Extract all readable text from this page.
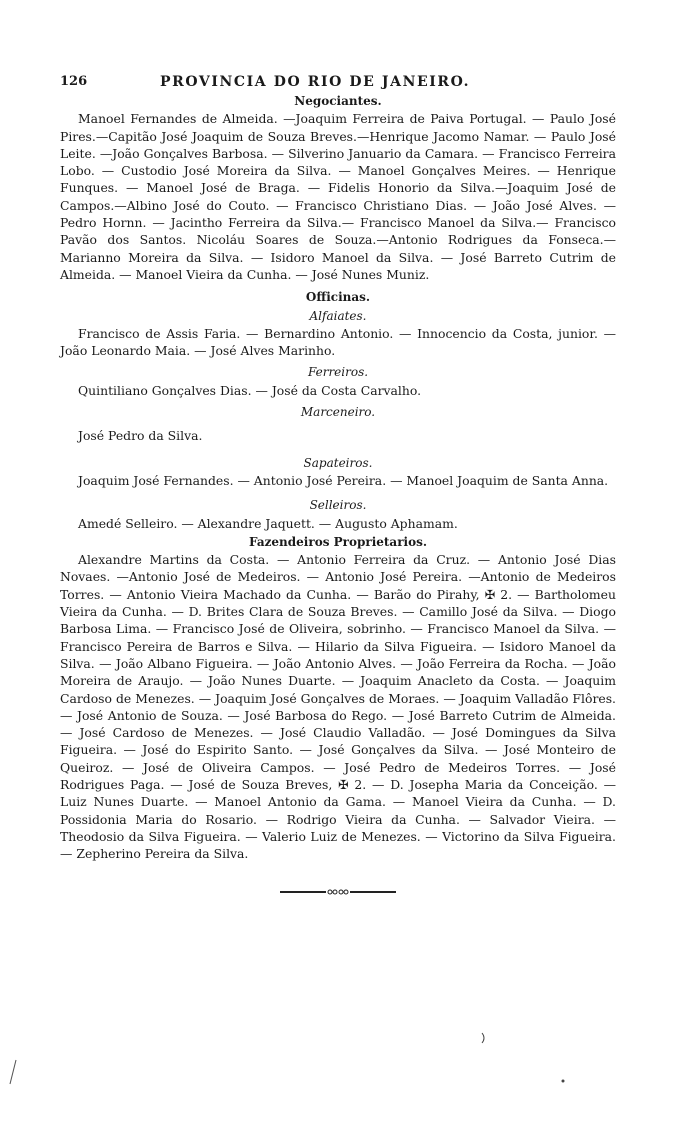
126	PROVINCIA DO RIO DE JANEIRO.
Negociantes.
Manoel Fernandes de Almeida. —Joaquim Ferreira de Paiva Portugal. — Paulo José Pires.—Capitão José Joaquim de Souza Breves.—Henrique Jacomo Namar. — Paulo José Leite. —João Gonçalves Barbosa. — Silverino Januario da Camara. — Francisco Ferreira Lobo. — Custodio José Moreira da Silva. — Manoel Gonçalves Meires. — Henrique Funques. — Manoel José de Braga. — Fidelis Honorio da Silva.—Joaquim José de Campos.—Albino José do Couto. — Francisco Christiano Dias. — João José Alves. — Pedro Hornn. — Jacintho Ferreira da Silva.— Francisco Manoel da Silva.— Francisco Pavão dos Santos. Nicoláu Soares de Souza.—Antonio Rodrigues da Fonseca.—Marianno Moreira da Silva. — Isidoro Manoel da Silva. — José Barreto Cutrim de Almeida. — Manoel Vieira da Cunha. — José Nunes Muniz.
Officinas.
Alfaiates.
Francisco de Assis Faria. — Bernardino Antonio. — Innocencio da Costa, junior. — João Leonardo Maia. — José Alves Marinho.
Ferreiros.
Quintiliano Gonçalves Dias. — José da Costa Carvalho.
Marceneiro.
José Pedro da Silva.
Sapateiros.
Joaquim José Fernandes. — Antonio José Pereira. — Manoel Joaquim de Santa Anna.
Selleiros.
Amedé Selleiro. — Alexandre Jaquett. — Augusto Aphamam.
Fazendeiros Proprietarios.
Alexandre Martins da Costa. — Antonio Ferreira da Cruz. — Antonio José Dias Novaes. —Antonio José de Medeiros. — Antonio José Pereira. —Antonio de Medeiros Torres. — Antonio Vieira Machado da Cunha. — Barão do Pirahy, ✠ 2. — Bartholomeu Vieira da Cunha. — D. Brites Clara de Souza Breves. — Camillo José da Silva. — Diogo Barbosa Lima. — Francisco José de Oliveira, sobrinho. — Francisco Manoel da Silva. — Francisco Pereira de Barros e Silva. — Hilario da Silva Figueira. — Isidoro Manoel da Silva. — João Albano Figueira. — João Antonio Alves. — João Ferreira da Rocha. — João Moreira de Araujo. — João Nunes Duarte. — Joaquim Anacleto da Costa. — Joaquim Cardoso de Menezes. — Joaquim José Gonçalves de Moraes. — Joaquim Valladão Flôres. — José Antonio de Souza. — José Barbosa do Rego. — José Barreto Cutrim de Almeida. — José Cardoso de Menezes. — José Claudio Valladão. — José Domingues da Silva Figueira. — José do Espirito Santo. — José Gonçalves da Silva. — José Monteiro de Queiroz. — José de Oliveira Campos. — José Pedro de Medeiros Torres. — José Rodrigues Paga. — José de Souza Breves, ✠ 2. — D. Josepha Maria da Conceição. — Luiz Nunes Duarte. — Manoel Antonio da Gama. — Manoel Vieira da Cunha. — D. Possidonia Maria do Rosario. — Rodrigo Vieira da Cunha. — Salvador Vieira. — Theodosio da Silva Figueira. — Valerio Luiz de Menezes. — Victorino da Silva Figueira. — Zepherino Pereira da Silva.
